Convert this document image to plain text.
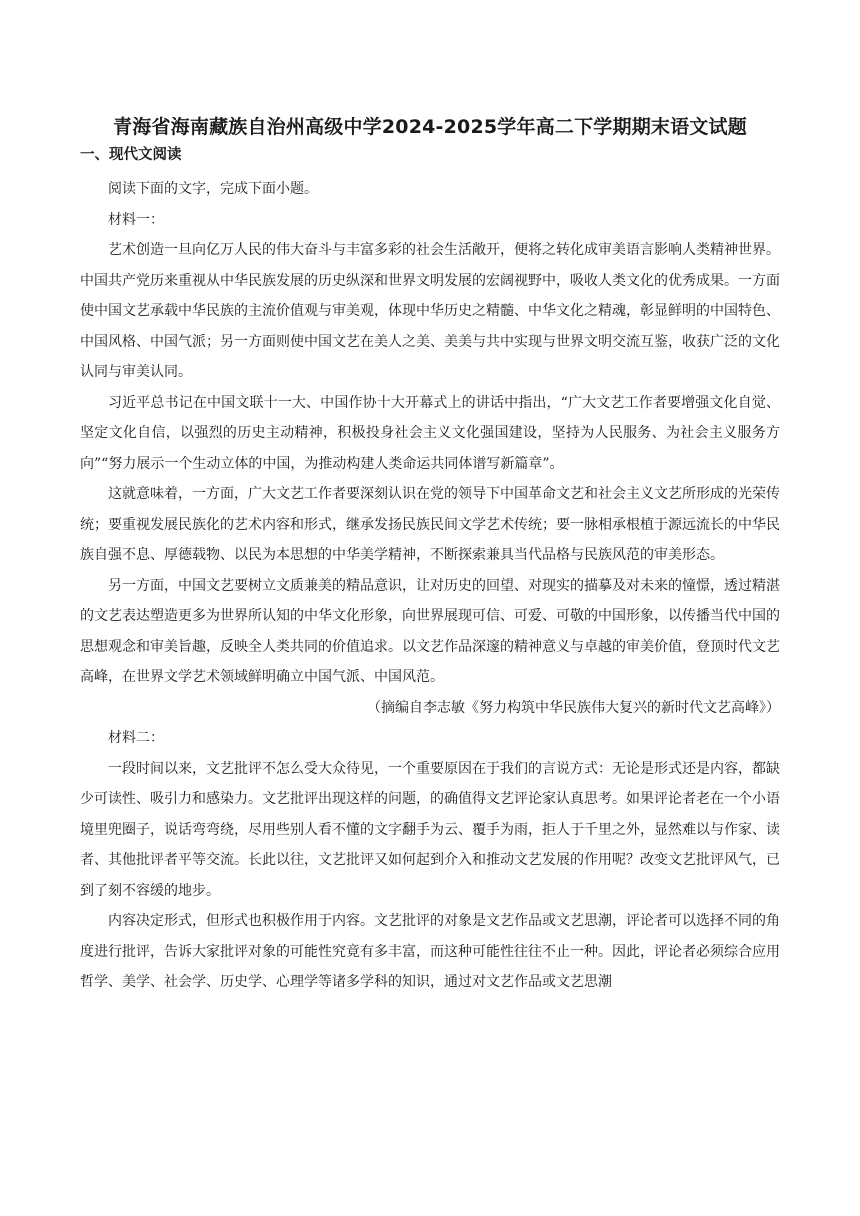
青海省海南藏族自治州高级中学2024-2025学年高二下学期期末语文试题
一、现代文阅读
阅读下面的文字，完成下面小题。
材料一：
艺术创造一旦向亿万人民的伟大奋斗与丰富多彩的社会生活敞开，便将之转化成审美语言影响人类精神世界。中国共产党历来重视从中华民族发展的历史纵深和世界文明发展的宏阔视野中，吸收人类文化的优秀成果。一方面使中国文艺承载中华民族的主流价值观与审美观，体现中华历史之精髓、中华文化之精魂，彰显鲜明的中国特色、中国风格、中国气派；另一方面则使中国文艺在美人之美、美美与共中实现与世界文明交流互鉴，收获广泛的文化认同与审美认同。
习近平总书记在中国文联十一大、中国作协十大开幕式上的讲话中指出，“广大文艺工作者要增强文化自觉、坚定文化自信，以强烈的历史主动精神，积极投身社会主义文化强国建设，坚持为人民服务、为社会主义服务方向”“努力展示一个生动立体的中国，为推动构建人类命运共同体谱写新篇章”。
这就意味着，一方面，广大文艺工作者要深刻认识在党的领导下中国革命文艺和社会主义文艺所形成的光荣传统；要重视发展民族化的艺术内容和形式，继承发扬民族民间文学艺术传统；要一脉相承根植于源远流长的中华民族自强不息、厚德载物、以民为本思想的中华美学精神，不断探索兼具当代品格与民族风范的审美形态。
另一方面，中国文艺要树立文质兼美的精品意识，让对历史的回望、对现实的描摹及对未来的憧憬，透过精湛的文艺表达塑造更多为世界所认知的中华文化形象，向世界展现可信、可爱、可敬的中国形象，以传播当代中国的思想观念和审美旨趣，反映全人类共同的价值追求。以文艺作品深邃的精神意义与卓越的审美价值，登顶时代文艺高峰，在世界文学艺术领域鲜明确立中国气派、中国风范。
（摘编自李志敏《努力构筑中华民族伟大复兴的新时代文艺高峰》）
材料二：
一段时间以来，文艺批评不怎么受大众待见，一个重要原因在于我们的言说方式：无论是形式还是内容，都缺少可读性、吸引力和感染力。文艺批评出现这样的问题，的确值得文艺评论家认真思考。如果评论者老在一个小语境里兜圈子，说话弯弯绕，尽用些别人看不懂的文字翻手为云、覆手为雨，拒人于千里之外，显然难以与作家、读者、其他批评者平等交流。长此以往，文艺批评又如何起到介入和推动文艺发展的作用呢？改变文艺批评风气，已到了刻不容缓的地步。
内容决定形式，但形式也积极作用于内容。文艺批评的对象是文艺作品或文艺思潮，评论者可以选择不同的角度进行批评，告诉大家批评对象的可能性究竟有多丰富，而这种可能性往往不止一种。因此，评论者必须综合应用哲学、美学、社会学、历史学、心理学等诸多学科的知识，通过对文艺作品或文艺思潮
